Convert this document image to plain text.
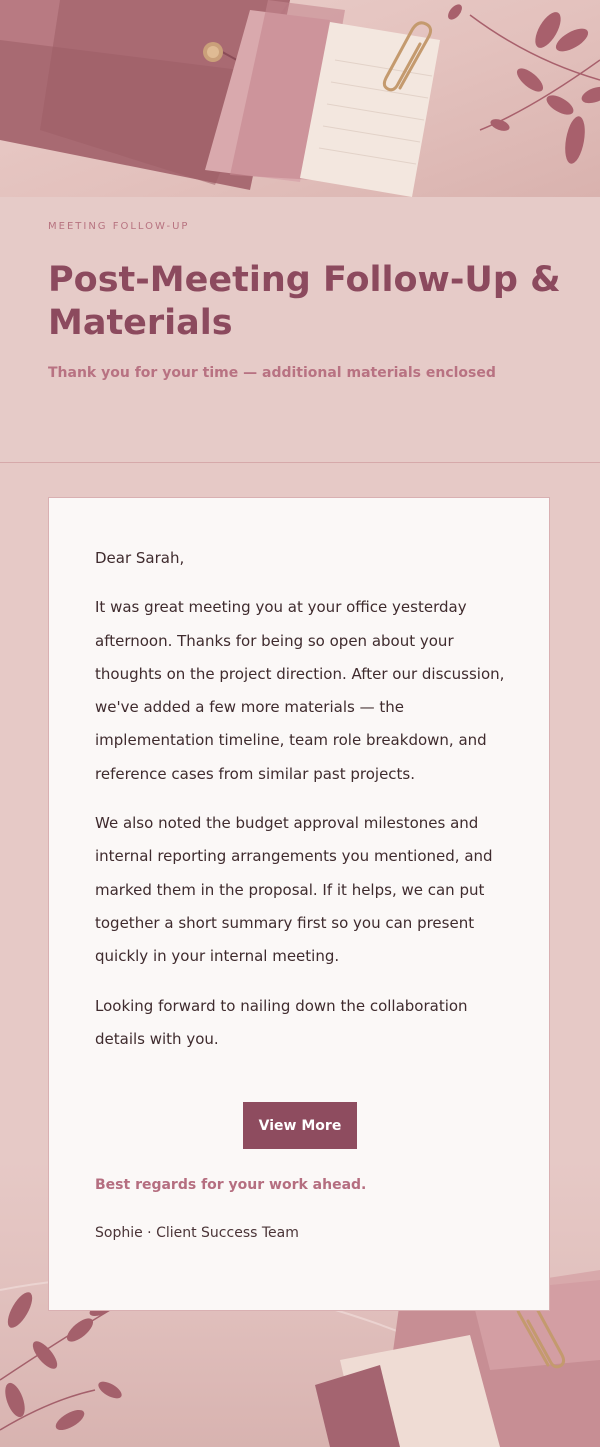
MEETING FOLLOW-UP
Post-Meeting Follow-Up & Materials
Thank you for your time — additional materials enclosed

Dear Sarah,

It was great meeting you at your office yesterday afternoon. Thanks for being so open about your thoughts on the project direction. After our discussion, we've added a few more materials — the implementation timeline, team role breakdown, and reference cases from similar past projects.

We also noted the budget approval milestones and internal reporting arrangements you mentioned, and marked them in the proposal. If it helps, we can put together a short summary first so you can present quickly in your internal meeting.

Looking forward to nailing down the collaboration details with you.

View More
Best regards for your work ahead.
Sophie · Client Success Team
